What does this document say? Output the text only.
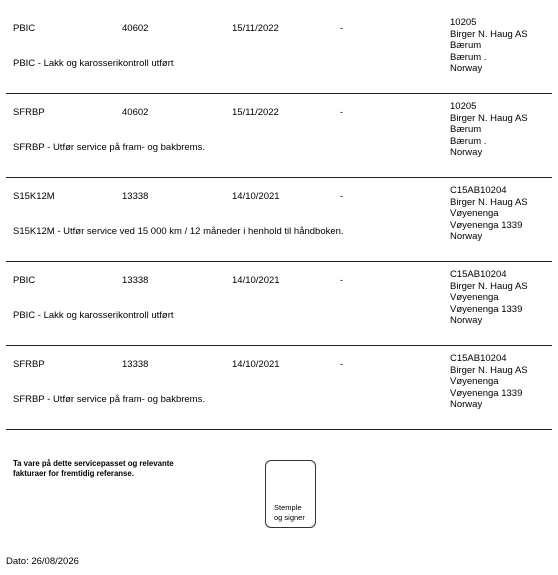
PBIC	40602	15/11/2022	-
10205
Birger N. Haug AS
Bærum
Bærum .
Norway
PBIC - Lakk og karosserikontroll utført
SFRBP	40602	15/11/2022	-
10205
Birger N. Haug AS
Bærum
Bærum .
Norway
SFRBP - Utfør service på fram- og bakbrems.
S15K12M	13338	14/10/2021	-
C15AB10204
Birger N. Haug AS
Vøyenenga
Vøyenenga 1339
Norway
S15K12M - Utfør service ved 15 000 km / 12 måneder i henhold til håndboken.
PBIC	13338	14/10/2021	-
C15AB10204
Birger N. Haug AS
Vøyenenga
Vøyenenga 1339
Norway
PBIC - Lakk og karosserikontroll utført
SFRBP	13338	14/10/2021	-
C15AB10204
Birger N. Haug AS
Vøyenenga
Vøyenenga 1339
Norway
SFRBP - Utfør service på fram- og bakbrems.
Ta vare på dette servicepasset og relevante
fakturaer for fremtidig referanse.
Stemple
og signer
Dato: 26/08/2026
